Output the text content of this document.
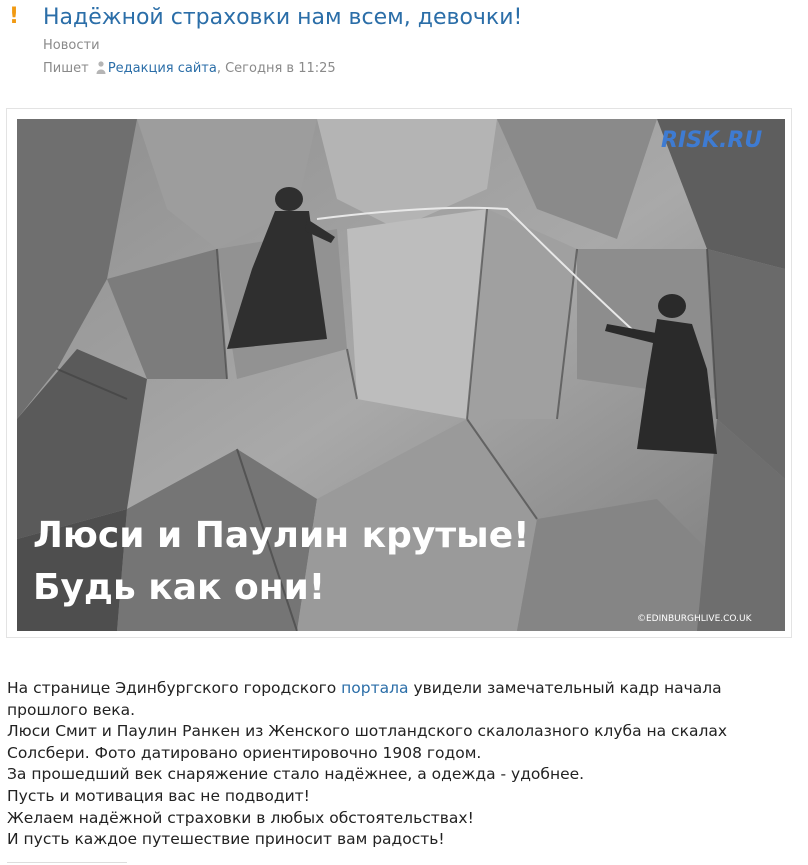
! Надёжной страховки нам всем, девочки!
Новости
Пишет Редакция сайта, Сегодня в 11:25
RISK.RU
Люси и Паулин крутые!
Будь как они!
©EDINBURGHLIVE.CO.UK

На странице Эдинбургского городского портала увидели замечательный кадр начала прошлого века.

Люси Смит и Паулин Ранкен из Женского шотландского скалолазного клуба на скалах Солсбери. Фото датировано ориентировочно 1908 годом.

За прошедший век снаряжение стало надёжнее, а одежда - удобнее.

Пусть и мотивация вас не подводит!

Желаем надёжной страховки в любых обстоятельствах!

И пусть каждое путешествие приносит вам радость!
